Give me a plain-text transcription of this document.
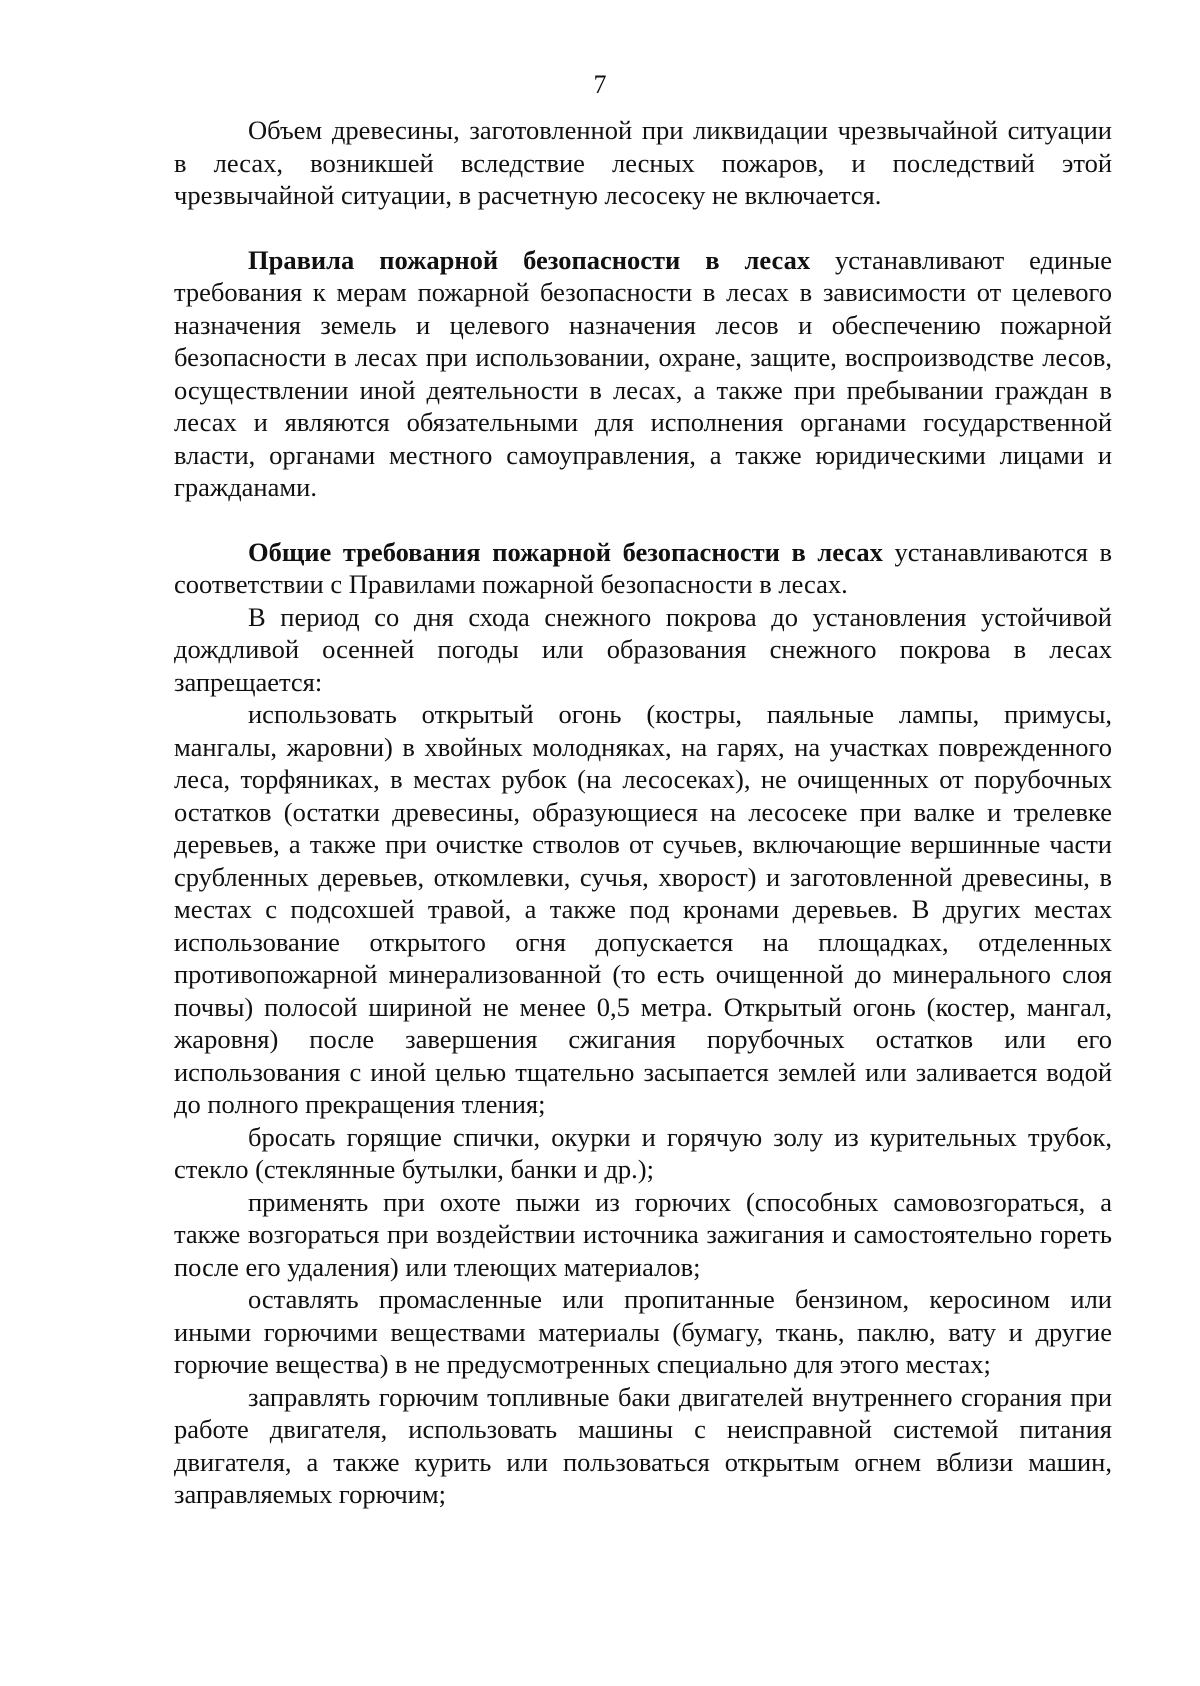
7

Объем древесины, заготовленной при ликвидации чрезвычайной ситуации в лесах, возникшей вследствие лесных пожаров, и последствий этой чрезвычайной ситуации, в расчетную лесосеку не включается.

Правила пожарной безопасности в лесах устанавливают единые требования к мерам пожарной безопасности в лесах в зависимости от целевого назначения земель и целевого назначения лесов и обеспечению пожарной безопасности в лесах при использовании, охране, защите, воспроизводстве лесов, осуществлении иной деятельности в лесах, а также при пребывании граждан в лесах и являются обязательными для исполнения органами государственной власти, органами местного самоуправления, а также юридическими лицами и гражданами.

Общие требования пожарной безопасности в лесах устанавливаются в соответствии с Правилами пожарной безопасности в лесах.

В период со дня схода снежного покрова до установления устойчивой дождливой осенней погоды или образования снежного покрова в лесах запрещается:

использовать открытый огонь (костры, паяльные лампы, примусы, мангалы, жаровни) в хвойных молодняках, на гарях, на участках поврежденного леса, торфяниках, в местах рубок (на лесосеках), не очищенных от порубочных остатков (остатки древесины, образующиеся на лесосеке при валке и трелевке деревьев, а также при очистке стволов от сучьев, включающие вершинные части срубленных деревьев, откомлевки, сучья, хворост) и заготовленной древесины, в местах с подсохшей травой, а также под кронами деревьев. В других местах использование открытого огня допускается на площадках, отделенных противопожарной минерализованной (то есть очищенной до минерального слоя почвы) полосой шириной не менее 0,5 метра. Открытый огонь (костер, мангал, жаровня) после завершения сжигания порубочных остатков или его использования с иной целью тщательно засыпается землей или заливается водой до полного прекращения тления;

бросать горящие спички, окурки и горячую золу из курительных трубок, стекло (стеклянные бутылки, банки и др.);

применять при охоте пыжи из горючих (способных самовозгораться, а также возгораться при воздействии источника зажигания и самостоятельно гореть после его удаления) или тлеющих материалов;

оставлять промасленные или пропитанные бензином, керосином или иными горючими веществами материалы (бумагу, ткань, паклю, вату и другие горючие вещества) в не предусмотренных специально для этого местах;

заправлять горючим топливные баки двигателей внутреннего сгорания при работе двигателя, использовать машины с неисправной системой питания двигателя, а также курить или пользоваться открытым огнем вблизи машин, заправляемых горючим;
